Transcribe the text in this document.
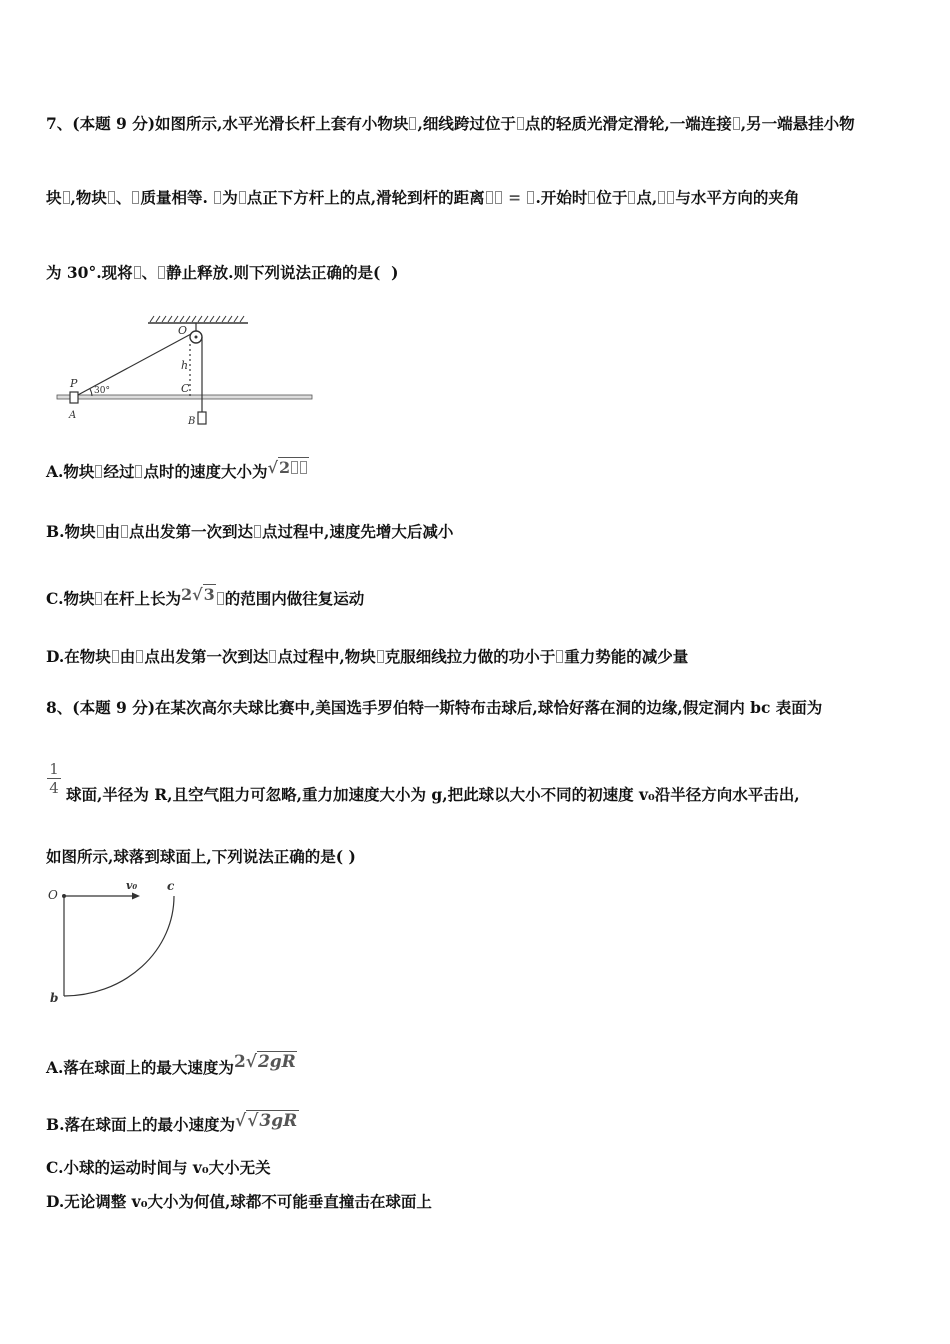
7、(本题 9 分)如图所示,水平光滑长杆上套有小物块 ,细线跨过位于 点的轻质光滑定滑轮,一端连接 ,另一端悬挂小物
块 ,物块 、 质量相等. 为 点正下方杆上的点,滑轮到杆的距离 = .开始时 位于 点, 与水平方向的夹角
为 30°.现将 、 静止释放.则下列说法正确的是( )
O
h
P
30°	C
A
B
A.物块 经过 点时的速度大小为√2
B.物块 由 点出发第一次到达 点过程中,速度先增大后减小
C.物块 在杆上长为2√3 的范围内做往复运动
D.在物块 由 点出发第一次到达 点过程中,物块 克服细线拉力做的功小于 重力势能的减少量
8、(本题 9 分)在某次高尔夫球比赛中,美国选手罗伯特一斯特布击球后,球恰好落在洞的边缘,假定洞内 bc 表面为
1
4 球面,半径为 R,且空气阻力可忽略,重力加速度大小为 g,把此球以大小不同的初速度 v₀沿半径方向水平击出,
如图所示,球落到球面上,下列说法正确的是( )
O
v₀ c
b
A.落在球面上的最大速度为2√2gR
B.落在球面上的最小速度为√√3gR
C.小球的运动时间与 v₀大小无关
D.无论调整 v₀大小为何值,球都不可能垂直撞击在球面上
